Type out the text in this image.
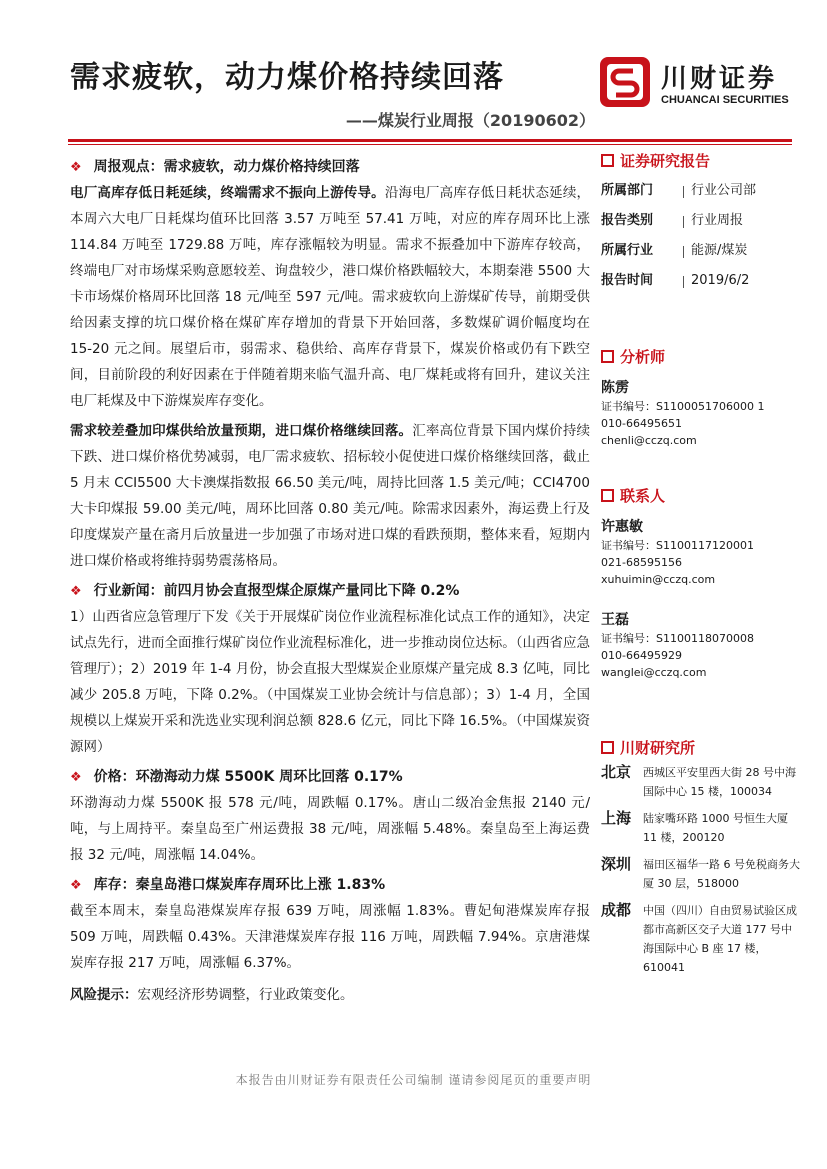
需求疲软，动力煤价格持续回落
——煤炭行业周报（20190602）
川财证券
CHUANCAI SECURITIES
❖ 周报观点：需求疲软，动力煤价格持续回落
电厂高库存低日耗延续，终端需求不振向上游传导。沿海电厂高库存低日耗状态延续，本周六大电厂日耗煤均值环比回落 3.57 万吨至 57.41 万吨，对应的库存周环比上涨 114.84 万吨至 1729.88 万吨，库存涨幅较为明显。需求不振叠加中下游库存较高，终端电厂对市场煤采购意愿较差、询盘较少，港口煤价格跌幅较大，本期秦港 5500 大卡市场煤价格周环比回落 18 元/吨至 597 元/吨。需求疲软向上游煤矿传导，前期受供给因素支撑的坑口煤价格在煤矿库存增加的背景下开始回落，多数煤矿调价幅度均在 15-20 元之间。展望后市，弱需求、稳供给、高库存背景下，煤炭价格或仍有下跌空间，目前阶段的利好因素在于伴随着期来临气温升高、电厂煤耗或将有回升，建议关注电厂耗煤及中下游煤炭库存变化。
需求较差叠加印煤供给放量预期，进口煤价格继续回落。汇率高位背景下国内煤价持续下跌、进口煤价格优势减弱，电厂需求疲软、招标较小促使进口煤价格继续回落，截止 5 月末 CCI5500 大卡澳煤指数报 66.50 美元/吨，周持比回落 1.5 美元/吨；CCI4700 大卡印煤报 59.00 美元/吨，周环比回落 0.80 美元/吨。除需求因素外，海运费上行及印度煤炭产量在斋月后放量进一步加强了市场对进口煤的看跌预期，整体来看，短期内进口煤价格或将维持弱势震荡格局。
❖ 行业新闻：前四月协会直报型煤企原煤产量同比下降 0.2%
1）山西省应急管理厅下发《关于开展煤矿岗位作业流程标准化试点工作的通知》，决定试点先行，进而全面推行煤矿岗位作业流程标准化，进一步推动岗位达标。（山西省应急管理厅）；2）2019 年 1-4 月份，协会直报大型煤炭企业原煤产量完成 8.3 亿吨，同比减少 205.8 万吨，下降 0.2%。（中国煤炭工业协会统计与信息部）；3）1-4 月，全国规模以上煤炭开采和洗选业实现利润总额 828.6 亿元，同比下降 16.5%。（中国煤炭资源网）
❖ 价格：环渤海动力煤 5500K 周环比回落 0.17%
环渤海动力煤 5500K 报 578 元/吨，周跌幅 0.17%。唐山二级冶金焦报 2140 元/吨，与上周持平。秦皇岛至广州运费报 38 元/吨，周涨幅 5.48%。秦皇岛至上海运费报 32 元/吨，周涨幅 14.04%。
❖ 库存：秦皇岛港口煤炭库存周环比上涨 1.83%
截至本周末，秦皇岛港煤炭库存报 639 万吨，周涨幅 1.83%。曹妃甸港煤炭库存报 509 万吨，周跌幅 0.43%。天津港煤炭库存报 116 万吨，周跌幅 7.94%。京唐港煤炭库存报 217 万吨，周涨幅 6.37%。
风险提示：宏观经济形势调整，行业政策变化。
证券研究报告
所属部门	行业公司部
报告类别	行业周报
所属行业	能源/煤炭
报告时间	2019/6/2
分析师
陈雳
证书编号：S1100051706000 1
010-66495651
chenli@cczq.com
联系人
许惠敏
证书编号：S1100117120001
021-68595156
xuhuimin@cczq.com
王磊
证书编号：S1100118070008
010-66495929
wanglei@cczq.com
川财研究所
北京 西城区平安里西大街 28 号中海国际中心 15 楼，100034
上海 陆家嘴环路 1000 号恒生大厦 11 楼，200120
深圳 福田区福华一路 6 号免税商务大厦 30 层，518000
成都 中国（四川）自由贸易试验区成都市高新区交子大道 177 号中海国际中心 B 座 17 楼，610041
本报告由川财证券有限责任公司编制 谨请参阅尾页的重要声明
